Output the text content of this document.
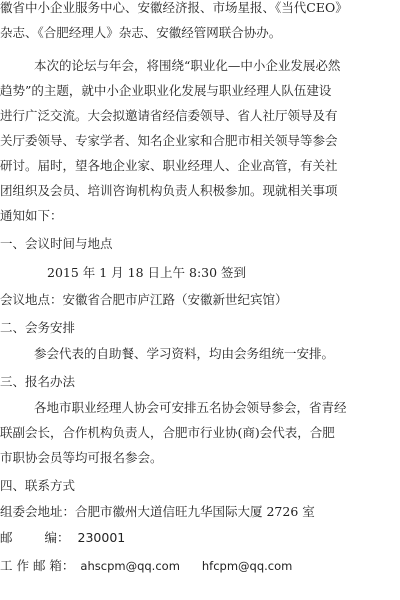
徽省中小企业服务中心、安徽经济报、市场星报、《当代CEO》
杂志、《合肥经理人》杂志、安徽经管网联合协办。
本次的论坛与年会，将围绕“职业化—中小企业发展必然
趋势”的主题，就中小企业职业化发展与职业经理人队伍建设
进行广泛交流。大会拟邀请省经信委领导、省人社厅领导及有
关厅委领导、专家学者、知名企业家和合肥市相关领导等参会
研讨。届时，望各地企业家、职业经理人、企业高管，有关社
团组织及会员、培训咨询机构负责人积极参加。现就相关事项
通知如下：
一、会议时间与地点
2015 年 1 月 18 日上午 8:30 签到
会议地点：安徽省合肥市庐江路（安徽新世纪宾馆）
二、会务安排
参会代表的自助餐、学习资料，均由会务组统一安排。
三、报名办法
各地市职业经理人协会可安排五名协会领导参会，省青经
联副会长，合作机构负责人，合肥市行业协(商)会代表，合肥
市职协会员等均可报名参会。
四、联系方式
组委会地址：合肥市徽州大道信旺九华国际大厦 2726 室
邮	编： 230001
工 作 邮 箱： ahscpm@qq.com hfcpm@qq.com
